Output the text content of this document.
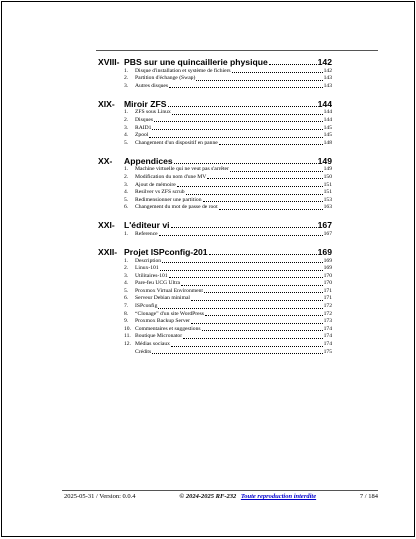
XVIII- PBS sur une quincaillerie physique	142
1.	Disque d'installation et système de fichiers	142
2.	Partition d'échange (Swap)	143
3.	Autres disques	143
XIX-	Miroir ZFS	144
1.	ZFS sous Linux	144
2.	Disques	144
3.	RAID1	145
4.	Zpool	145
5.	Changement d'un dispositif en panne	148
XX-	Appendices	149
1.	Machine virtuelle qui ne veut pas s'arrêter	149
2.	Modification du nom d'une MV	150
3.	Ajout de mémoire	151
4.	Resilver vs ZFS scrub	151
5.	Redimensionner une partition	153
6.	Changement du mot de passe de root	163
XXI-	L'éditeur vi	167
1.	Reference	167
XXII- Projet ISPconfig-201	169
1.	Description	169
2.	Linux-101	169
3.	Utilitaires-101	170
4.	Pare-feu UCG Ultra	170
5.	Proxmox Virtual Environment	171
6.	Serveur Debian minimal	171
7.	ISPconfig	172
8.	“Clonage” d'un site WordPress	172
9.	Proxmox Backup Server	173
10. Commentaires et suggestions	174
11. Boutique Micronator	174
12. Médias sociaux	174
Crédits	175
2025-05-31 / Version: 0.0.4	© 2024-2025 RF-232 Toute reproduction interdite	7 / 184
